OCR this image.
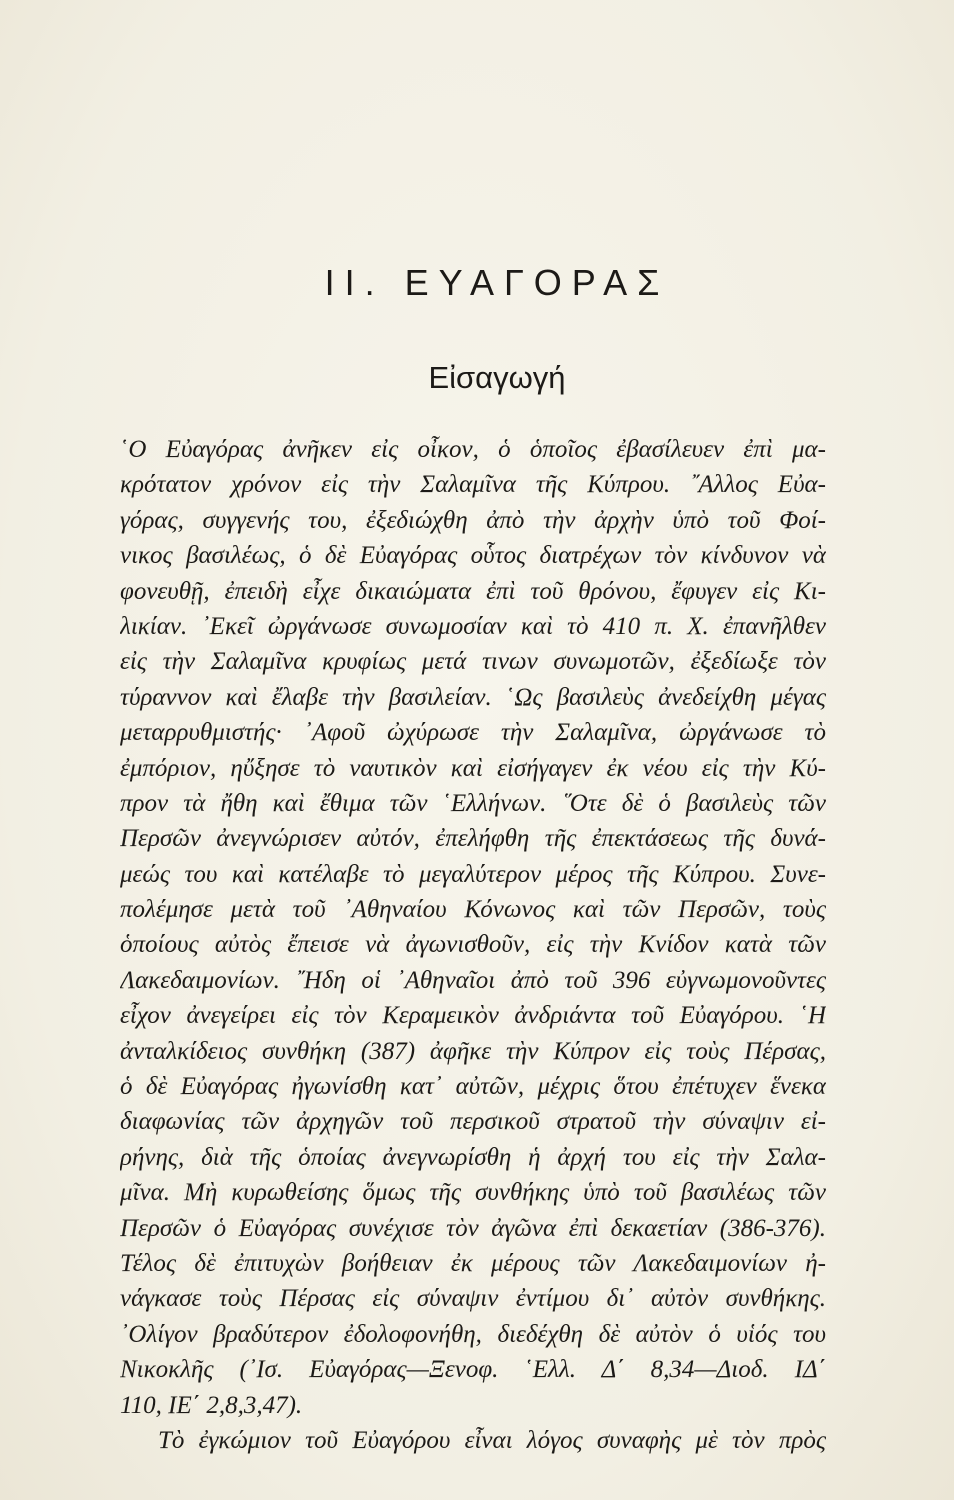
II. ΕΥΑΓΟΡΑΣ
Εἰσαγωγή
῾Ο Εὐαγόρας ἀνῆκεν εἰς οἶκον, ὁ ὁποῖος ἐβασίλευεν ἐπὶ μα-
κρότατον χρόνον εἰς τὴν Σαλαμῖνα τῆς Κύπρου. ῎Αλλος Εὐα-
γόρας, συγγενής του, ἐξεδιώχθη ἀπὸ τὴν ἀρχὴν ὑπὸ τοῦ Φοί-
νικος βασιλέως, ὁ δὲ Εὐαγόρας οὗτος διατρέχων τὸν κίνδυνον νὰ
φονευθῇ, ἐπειδὴ εἶχε δικαιώματα ἐπὶ τοῦ θρόνου, ἔφυγεν εἰς Κι-
λικίαν. ᾿Εκεῖ ὠργάνωσε συνωμοσίαν καὶ τὸ 410 π. Χ. ἐπανῆλθεν
εἰς τὴν Σαλαμῖνα κρυφίως μετά τινων συνωμοτῶν, ἐξεδίωξε τὸν
τύραννον καὶ ἔλαβε τὴν βασιλείαν. ῾Ως βασιλεὺς ἀνεδείχθη μέγας
μεταρρυθμιστής· ᾿Αφοῦ ὠχύρωσε τὴν Σαλαμῖνα, ὠργάνωσε τὸ
ἐμπόριον, ηὔξησε τὸ ναυτικὸν καὶ εἰσήγαγεν ἐκ νέου εἰς τὴν Κύ-
προν τὰ ἤθη καὶ ἔθιμα τῶν ῾Ελλήνων. ῞Οτε δὲ ὁ βασιλεὺς τῶν
Περσῶν ἀνεγνώρισεν αὐτόν, ἐπελήφθη τῆς ἐπεκτάσεως τῆς δυνά-
μεώς του καὶ κατέλαβε τὸ μεγαλύτερον μέρος τῆς Κύπρου. Συνε-
πολέμησε μετὰ τοῦ ᾿Αθηναίου Κόνωνος καὶ τῶν Περσῶν, τοὺς
ὁποίους αὐτὸς ἔπεισε νὰ ἀγωνισθοῦν, εἰς τὴν Κνίδον κατὰ τῶν
Λακεδαιμονίων. ῎Ηδη οἱ ᾿Αθηναῖοι ἀπὸ τοῦ 396 εὐγνωμονοῦντες
εἶχον ἀνεγείρει εἰς τὸν Κεραμεικὸν ἀνδριάντα τοῦ Εὐαγόρου. ῾Η
ἀνταλκίδειος συνθήκη (387) ἀφῆκε τὴν Κύπρον εἰς τοὺς Πέρσας,
ὁ δὲ Εὐαγόρας ἠγωνίσθη κατ᾿ αὐτῶν, μέχρις ὅτου ἐπέτυχεν ἕνεκα
διαφωνίας τῶν ἀρχηγῶν τοῦ περσικοῦ στρατοῦ τὴν σύναψιν εἰ-
ρήνης, διὰ τῆς ὁποίας ἀνεγνωρίσθη ἡ ἀρχή του εἰς τὴν Σαλα-
μῖνα. Μὴ κυρωθείσης ὅμως τῆς συνθήκης ὑπὸ τοῦ βασιλέως τῶν
Περσῶν ὁ Εὐαγόρας συνέχισε τὸν ἀγῶνα ἐπὶ δεκαετίαν (386-376).
Τέλος δὲ ἐπιτυχὼν βοήθειαν ἐκ μέρους τῶν Λακεδαιμονίων ἠ-
νάγκασε τοὺς Πέρσας εἰς σύναψιν ἐντίμου δι᾿ αὐτὸν συνθήκης.
᾿Ολίγον βραδύτερον ἐδολοφονήθη, διεδέχθη δὲ αὐτὸν ὁ υἱός του
Νικοκλῆς (᾿Ισ. Εὐαγόρας—Ξενοφ. ῾Ελλ. Δ΄ 8,34—Διοδ. ΙΔ΄
110, ΙΕ΄ 2,8,3,47).
Τὸ ἐγκώμιον τοῦ Εὐαγόρου εἶναι λόγος συναφὴς μὲ τὸν πρὸς
